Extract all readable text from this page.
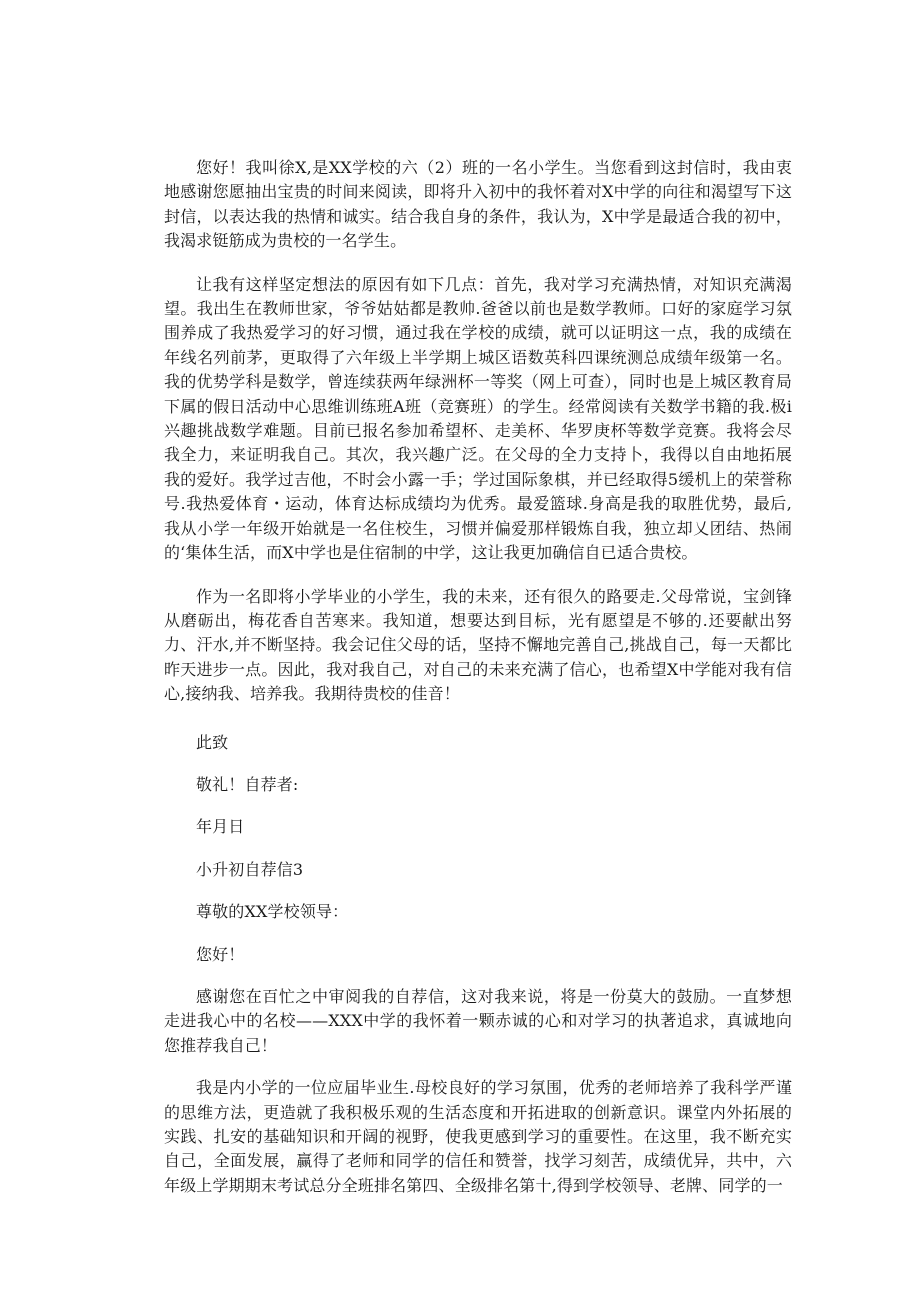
您好！我叫徐X,是XX学校的六（2）班的一名小学生。当您看到这封信时，我由衷地感谢您愿抽出宝贵的时间来阅读，即将升入初中的我怀着对X中学的向往和渴望写下这封信，以表达我的热情和诚实。结合我自身的条件，我认为，X中学是最适合我的初中，我渴求铤筋成为贵校的一名学生。

让我有这样坚定想法的原因有如下几点：首先，我对学习充满热情，对知识充满渴望。我出生在教师世家，爷爷姑姑都是教帅.爸爸以前也是数学教师。口好的家庭学习氛围养成了我热爱学习的好习惯，通过我在学校的成绩，就可以证明这一点，我的成绩在年线名列前茅，更取得了六年级上半学期上城区语数英科四课统测总成绩年级第一名。我的优势学科是数学，曾连续获两年绿洲杯一等奖（网上可查），同时也是上城区教育局下属的假日活动中心思维训练班A班（竞赛班）的学生。经常阅读有关数学书籍的我.极i兴趣挑战数学难题。目前已报名参加希望杯、走美杯、华罗庚杯等数学竞赛。我将会尽我全力，来证明我自己。其次，我兴趣广泛。在父母的全力支持卜，我得以自由地拓展我的爱好。我学过吉他，不时会小露一手；学过国际象棋，并已经取得5缓机上的荣誉称号.我热爱体育・运动，体育达标成绩均为优秀。最爱篮球.身高是我的取胜优势，最后,我从小学一年级开始就是一名住校生，习惯并偏爱那样锻炼自我，独立却乂团结、热闹的‘集体生活，而X中学也是住宿制的中学，这让我更加确信自已适合贵校。

作为一名即将小学毕业的小学生，我的未来，还有很久的路要走.父母常说，宝剑锋从磨砺出，梅花香自苦寒来。我知道，想要达到目标，光有愿望是不够的.还要献出努力、汗水,并不断坚持。我会记住父母的话，坚持不懈地完善自己,挑战自己，每一天都比昨天进步一点。因此，我对我自己，对自己的未来充满了信心，也希望X中学能对我有信心,接纳我、培养我。我期待贵校的佳音！

此致

敬礼！自荐者:

年月日

小升初自荐信3

尊敬的XX学校领导：

您好！

感谢您在百忙之中审阅我的自荐信，这对我来说，将是一份莫大的鼓励。一直梦想走进我心中的名校——XXX中学的我怀着一颗赤诚的心和对学习的执著追求，真诚地向您推荐我自己！

我是内小学的一位应届毕业生.母校良好的学习氛围，优秀的老师培养了我科学严谨的思维方法，更造就了我积极乐观的生活态度和开拓进取的创新意识。课堂内外拓展的实践、扎安的基础知识和开阔的视野，使我更感到学习的重要性。在这里，我不断充实自己，全面发展，赢得了老师和同学的信任和赞誉，找学习刻苦，成绩优异，共中，六年级上学期期末考试总分全班排名第四、全级排名第十,得到学校领导、老牌、同学的一
